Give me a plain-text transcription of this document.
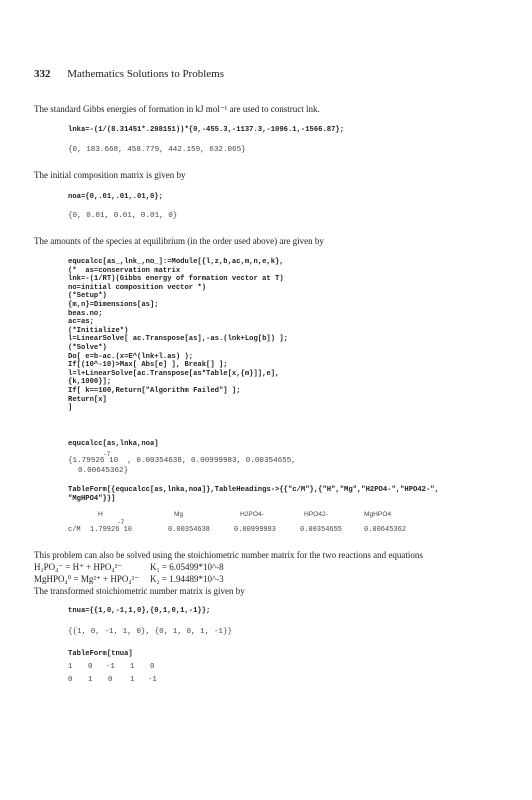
332 Mathematics Solutions to Problems
The standard Gibbs energies of formation in kJ mol⁻¹ are used to construct lnk.
lnka=-(1/(8.31451*.298151))*{0,-455.3,-1137.3,-1096.1,-1566.87};
{0, 183.668, 458.779, 442.159, 632.065}
The initial composition matrix is given by
noa={0,.01,.01,.01,0};
{0, 0.01, 0.01, 0.01, 0}
The amounts of the species at equilibrium (in the order used above) are given by
equcalcc[as_,lnk_,no_]:=Module[{l,z,b,ac,m,n,e,k},
(*  as=conservation matrix
lnk=-(1/RT)(Gibbs energy of formation vector at T)
no=initial composition vector *)
(*Setup*)
{m,n}=Dimensions[as];
beas.no;
ac=as;
(*Initialize*)
l=LinearSolve[ ac.Transpose[as],-as.(lnk+Log[b]) ];
(*Solve*)
Do[ e=b-ac.(x=E^(lnk+l.as) );
If[(10^-10)>Max[ Abs[e] ], Break[] ];
l=l+LinearSolve[ac.Transpose[as*Table[x,{m}]],e],
{k,1000}];
If[ k==100,Return["Algorithm Failed"] ];
Return[x]
]
equcalcc[as,lnka,noa]
-7
{1.79926 10  , 0.00354638, 0.00999983, 0.00354655,
0.00645362}
TableForm[{equcalcc[as,lnka,noa]},TableHeadings->{{"c/M"},{"H","Mg","H2PO4-","HPO42-",
"MgHPO4"}}]
H	Mg	H2PO4-	HPO42-	MgHPO4
-7
c/M 1.79926 10	0.00354638	0.00999983	0.00354655	0.00645362
This problem can also be solved using the stoichiometric number matrix for the two reactions and equations
H₂PO₄⁻ = H⁺ + HPO₄²⁻	K₁ = 6.05499*10^-8
MgHPO₄⁰ = Mg²⁺ + HPO₄²⁻ K₂ = 1.94489*10^-3
The transformed stoichiometric number matrix is given by
tnua={{1,0,-1,1,0},{0,1,0,1,-1}};
{{1, 0, -1, 1, 0}, {0, 1, 0, 1, -1}}
TableForm[tnua]
1 0 -1 1 0
0 1 0 1 -1
